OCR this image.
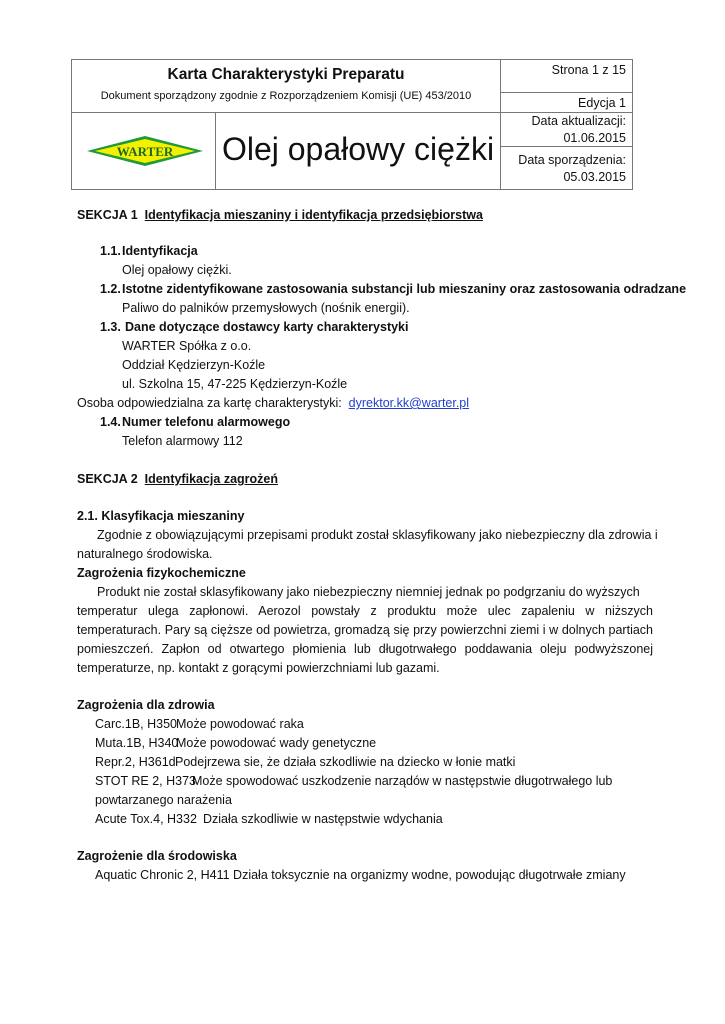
Karta Charakterystyki Preparatu
Dokument sporządzony zgodnie z Rozporządzeniem Komisji (UE) 453/2010
WARTER Olej opałowy ciężki
Strona 1 z 15
Edycja 1
Data aktualizacji:
01.06.2015
Data sporządzenia:
05.03.2015
SEKCJA 1 Identyfikacja mieszaniny i identyfikacja przedsiębiorstwa
1.1.Identyfikacja
Olej opałowy ciężki.
1.2.Istotne zidentyfikowane zastosowania substancji lub mieszaniny oraz zastosowania odradzane
Paliwo do palników przemysłowych (nośnik energii).
1.3. Dane dotyczące dostawcy karty charakterystyki
WARTER Spółka z o.o.
Oddział Kędzierzyn-Koźle
ul. Szkolna 15, 47-225 Kędzierzyn-Koźle
Osoba odpowiedzialna za kartę charakterystyki: dyrektor.kk@warter.pl
1.4.Numer telefonu alarmowego
Telefon alarmowy 112
SEKCJA 2 Identyfikacja zagrożeń
2.1. Klasyfikacja mieszaniny
Zgodnie z obowiązującymi przepisami produkt został sklasyfikowany jako niebezpieczny dla zdrowia i
naturalnego środowiska.
Zagrożenia fizykochemiczne
Produkt nie został sklasyfikowany jako niebezpieczny niemniej jednak po podgrzaniu do wyższych
temperatur ulega zapłonowi. Aerozol powstały z produktu może ulec zapaleniu w niższych
temperaturach. Pary są cięższe od powietrza, gromadzą się przy powierzchni ziemi i w dolnych partiach
pomieszczeń. Zapłon od otwartego płomienia lub długotrwałego poddawania oleju podwyższonej
temperaturze, np. kontakt z gorącymi powierzchniami lub gazami.
Zagrożenia dla zdrowia
Carc.1B, H350Może powodować raka
Muta.1B, H340Może powodować wady genetyczne
Repr.2, H361dPodejrzewa sie, że działa szkodliwie na dziecko w łonie matki
STOT RE 2, H373Może spowodować uszkodzenie narządów w następstwie długotrwałego lub
powtarzanego narażenia
Acute Tox.4, H332 Działa szkodliwie w następstwie wdychania
Zagrożenie dla środowiska
Aquatic Chronic 2, H411 Działa toksycznie na organizmy wodne, powodując długotrwałe zmiany
